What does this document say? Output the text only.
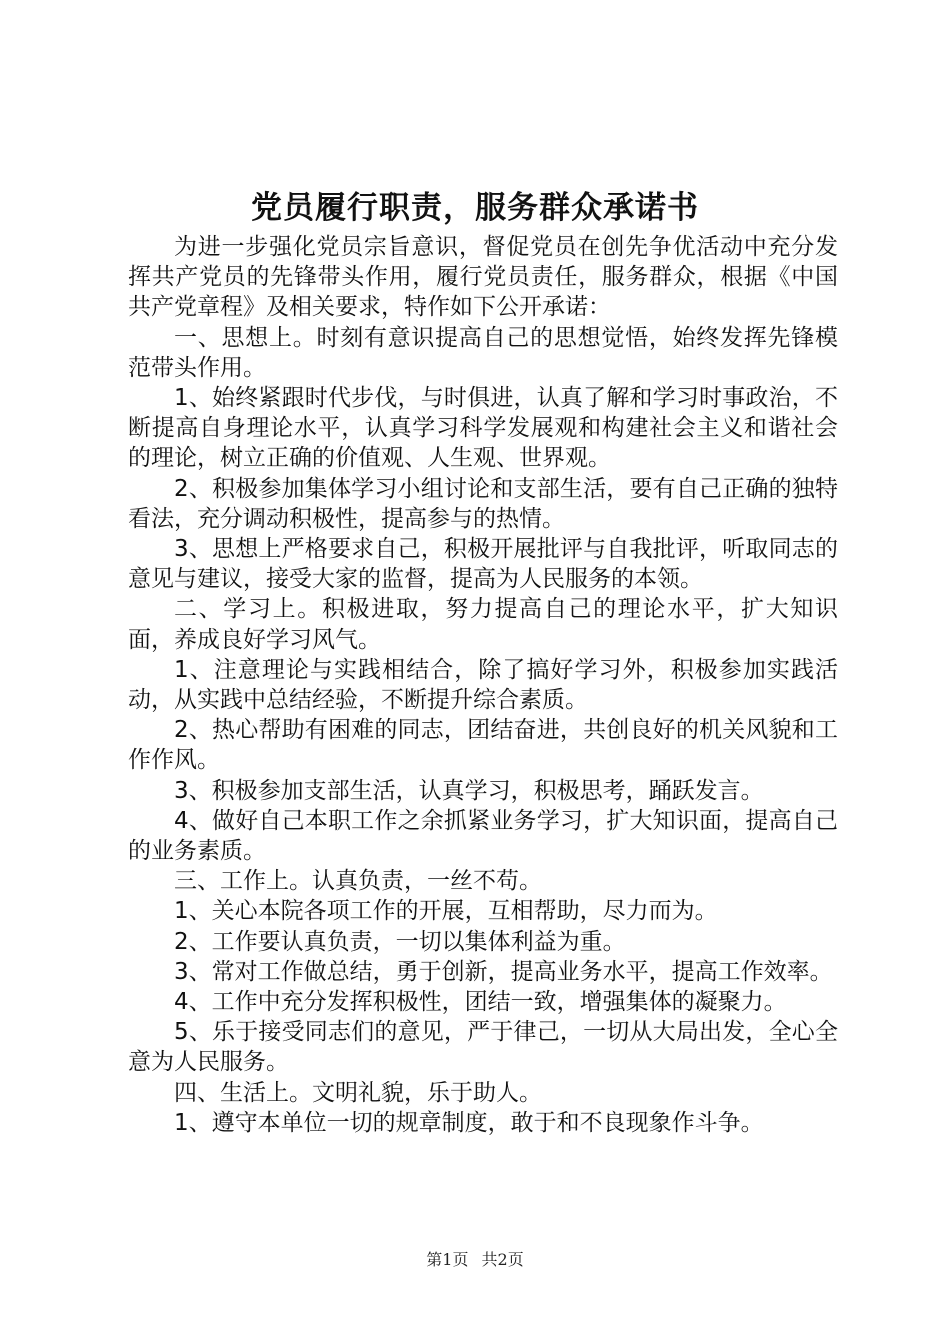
党员履行职责，服务群众承诺书

为进一步强化党员宗旨意识，督促党员在创先争优活动中充分发挥共产党员的先锋带头作用，履行党员责任，服务群众，根据《中国共产党章程》及相关要求，特作如下公开承诺：

一、思想上。时刻有意识提高自己的思想觉悟，始终发挥先锋模范带头作用。

1、始终紧跟时代步伐，与时俱进，认真了解和学习时事政治，不断提高自身理论水平，认真学习科学发展观和构建社会主义和谐社会的理论，树立正确的价值观、人生观、世界观。

2、积极参加集体学习小组讨论和支部生活，要有自己正确的独特看法，充分调动积极性，提高参与的热情。

3、思想上严格要求自己，积极开展批评与自我批评，听取同志的意见与建议，接受大家的监督，提高为人民服务的本领。

二、学习上。积极进取，努力提高自己的理论水平，扩大知识面，养成良好学习风气。

1、注意理论与实践相结合，除了搞好学习外，积极参加实践活动，从实践中总结经验，不断提升综合素质。

2、热心帮助有困难的同志，团结奋进，共创良好的机关风貌和工作作风。

3、积极参加支部生活，认真学习，积极思考，踊跃发言。

4、做好自己本职工作之余抓紧业务学习，扩大知识面，提高自己的业务素质。

三、工作上。认真负责，一丝不苟。

1、关心本院各项工作的开展，互相帮助，尽力而为。

2、工作要认真负责，一切以集体利益为重。

3、常对工作做总结，勇于创新，提高业务水平，提高工作效率。

4、工作中充分发挥积极性，团结一致，增强集体的凝聚力。

5、乐于接受同志们的意见，严于律己，一切从大局出发，全心全意为人民服务。

四、生活上。文明礼貌，乐于助人。

1、遵守本单位一切的规章制度，敢于和不良现象作斗争。

第1页 共2页
